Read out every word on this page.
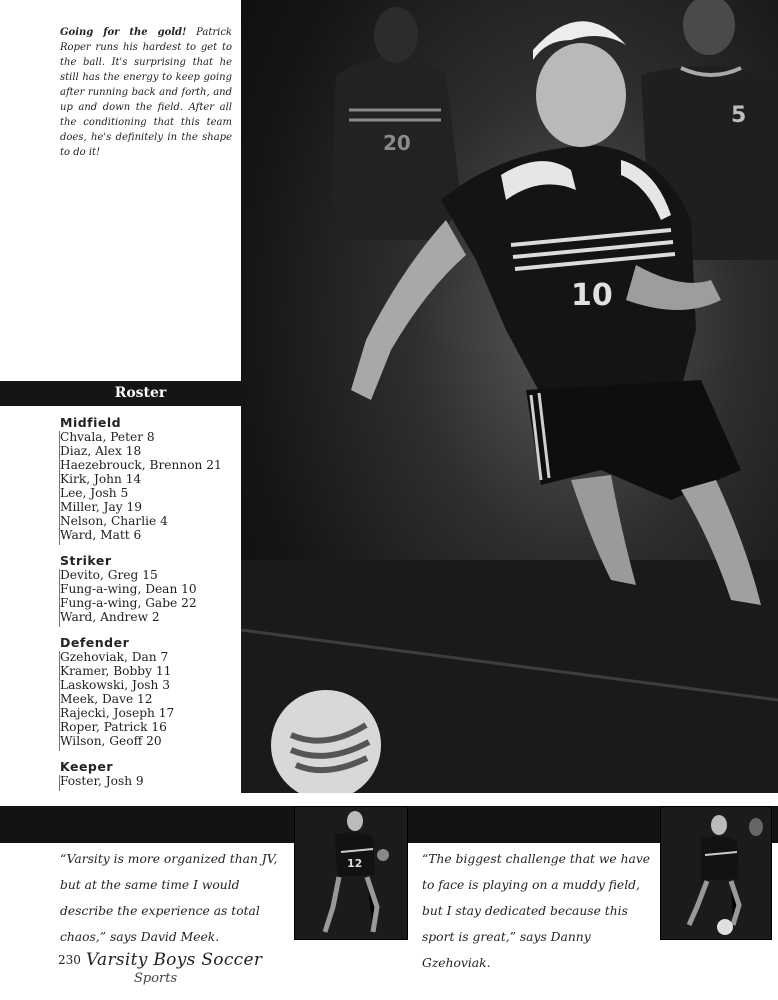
20
5
10
Going for the gold! Patrick Roper runs his hardest to get to the ball. It's surprising that he still has the energy to keep going after running back and forth, and up and down the field. After all the conditioning that this team does, he's definitely in the shape to do it!
Roster
Midfield
Chvala, Peter 8
Diaz, Alex 18
Haezebrouck, Brennon 21
Kirk, John 14
Lee, Josh 5
Miller, Jay 19
Nelson, Charlie 4
Ward, Matt 6
Striker
Devito, Greg 15
Fung-a-wing, Dean 10
Fung-a-wing, Gabe 22
Ward, Andrew 2
Defender
Gzehoviak, Dan 7
Kramer, Bobby 11
Laskowski, Josh 3
Meek, Dave 12
Rajecki, Joseph 17
Roper, Patrick 16
Wilson, Geoff 20
Keeper
Foster, Josh 9
12
“Varsity is more organized than JV, but at the same time I would describe the experience as total chaos,” says David Meek.
“The biggest challenge that we have to face is playing on a muddy field, but I stay dedicated because this sport is great,” says Danny Gzehoviak.
230 Varsity Boys Soccer
Sports
